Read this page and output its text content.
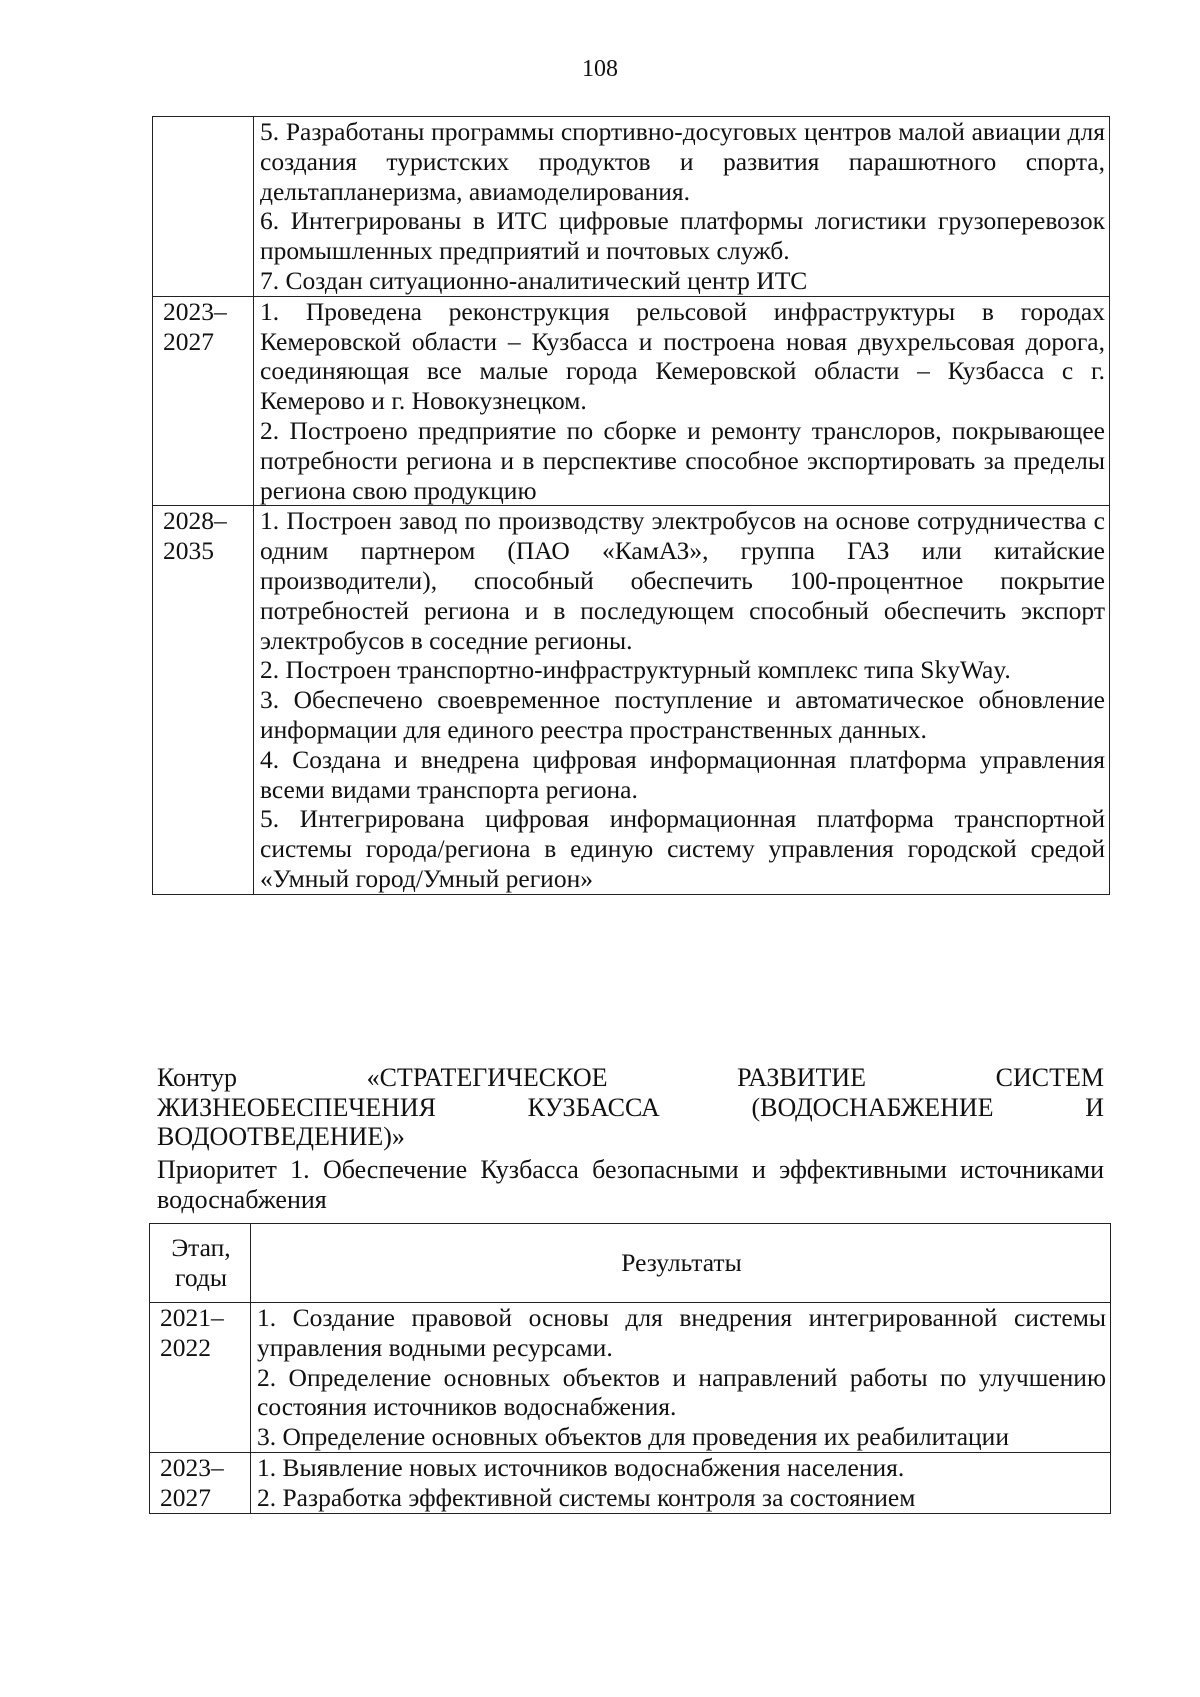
108

	5. Разработаны программы спортивно-досуговых центров малой авиации для создания туристских продуктов и развития парашютного спорта, дельтапланеризма, авиамоделирования.

6. Интегрированы в ИТС цифровые платформы логистики грузоперевозок промышленных предприятий и почтовых служб.

7. Создан ситуационно-аналитический центр ИТС

2023–2027	1. Проведена реконструкция рельсовой инфраструктуры в городах Кемеровской области – Кузбасса и построена новая двухрельсовая дорога, соединяющая все малые города Кемеровской области – Кузбасса с г. Кемерово и г. Новокузнецком.

2. Построено предприятие по сборке и ремонту транслоров, покрывающее потребности региона и в перспективе способное экспортировать за пределы региона свою продукцию

2028–2035	1. Построен завод по производству электробусов на основе сотрудничества с одним партнером (ПАО «КамАЗ», группа ГАЗ или китайские производители), способный обеспечить 100-процентное покрытие потребностей региона и в последующем способный обеспечить экспорт электробусов в соседние регионы.

2. Построен транспортно-инфраструктурный комплекс типа SkyWay.

3. Обеспечено своевременное поступление и автоматическое обновление информации для единого реестра пространственных данных.

4. Создана и внедрена цифровая информационная платформа управления всеми видами транспорта региона.

5. Интегрирована цифровая информационная платформа транспортной системы города/региона в единую систему управления городской средой «Умный город/Умный регион»

Контур «СТРАТЕГИЧЕСКОЕ РАЗВИТИЕ СИСТЕМ

ЖИЗНЕОБЕСПЕЧЕНИЯ КУЗБАССА (ВОДОСНАБЖЕНИЕ И

ВОДООТВЕДЕНИЕ)»

Приоритет 1. Обеспечение Кузбасса безопасными и эффективными источниками водоснабжения

Этап,
годы	Результаты

2021–2022	1. Создание правовой основы для внедрения интегрированной системы управления водными ресурсами.

2. Определение основных объектов и направлений работы по улучшению состояния источников водоснабжения.

3. Определение основных объектов для проведения их реабилитации

2023–2027	1. Выявление новых источников водоснабжения населения.

2. Разработка эффективной системы контроля за состоянием
